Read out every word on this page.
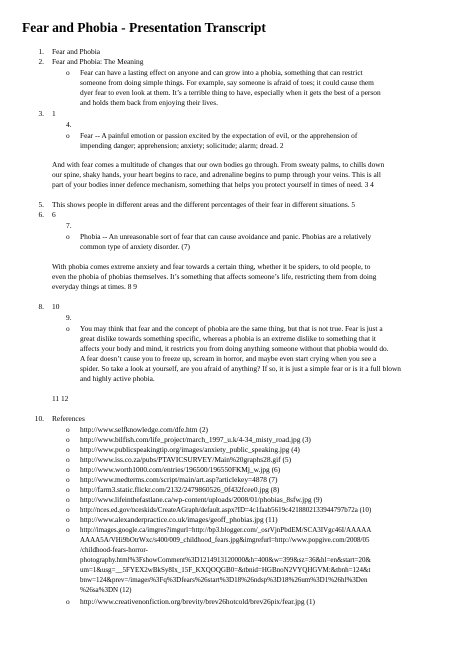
Fear and Phobia - Presentation Transcript
1. Fear and Phobia
2. Fear and Phobia: The Meaning
o Fear can have a lasting effect on anyone and can grow into a phobia, something that can restrict
someone from doing simple things. For example, say someone is afraid of toes; it could cause them
dyer fear to even look at them. It’s a terrible thing to have, especially when it gets the best of a person
and holds them back from enjoying their lives.
3. 1
4.
o Fear -- A painful emotion or passion excited by the expectation of evil, or the apprehension of
impending danger; apprehension; anxiety; solicitude; alarm; dread. 2
And with fear comes a multitude of changes that our own bodies go through. From sweaty palms, to chills down
our spine, shaky hands, your heart begins to race, and adrenaline begins to pump through your veins. This is all
part of your bodies inner defence mechanism, something that helps you protect yourself in times of need. 3 4
5. This shows people in different areas and the different percentages of their fear in different situations. 5
6. 6
7.
o Phobia -- An unreasonable sort of fear that can cause avoidance and panic. Phobias are a relatively
common type of anxiety disorder. (7)
With phobia comes extreme anxiety and fear towards a certain thing, whether it be spiders, to old people, to
even the phobia of phobias themselves. It’s something that affects someone’s life, restricting them from doing
everyday things at times. 8 9
8. 10
9.
o You may think that fear and the concept of phobia are the same thing, but that is not true. Fear is just a
great dislike towards something specific, whereas a phobia is an extreme dislike to something that it
affects your body and mind, it restricts you from doing anything someone without that phobia would do.
A fear doesn’t cause you to freeze up, scream in horror, and maybe even start crying when you see a
spider. So take a look at yourself, are you afraid of anything? If so, it is just a simple fear or is it a full blown
and highly active phobia.
11 12
10. References
o http://www.selfknowledge.com/dfe.htm (2)
o http://www.bilfish.com/life_project/march_1997_u.k/4-34_misty_road.jpg (3)
o http://www.publicspeakingtip.org/images/anxiety_public_speaking.jpg (4)
o http://www.iss.co.za/pubs/PTAVICSURVEY/Main%20graphs28.gif (5)
o http://www.worth1000.com/entries/196500/196550FKMj_w.jpg (6)
o http://www.medterms.com/script/main/art.asp?articlekey=4878 (7)
o http://farm3.static.flickr.com/2132/2479860526_0f432fcee0.jpg (8)
o http://www.lifeinthefastlane.ca/wp-content/uploads/2008/01/phobias_8sfw.jpg (9)
o http://nces.ed.gov/nceskids/CreateAGraph/default.aspx?ID=4c1faab5619c4218802133944797b72a (10)
o http://www.alexanderpractice.co.uk/images/geoff_phobias.jpg (11)
o http://images.google.ca/imgres?imgurl=http://bp3.blogger.com/_osrVjnPbdEM/SCA3IVgc46I/AAAAA
AAAA5A/VHi9bOtrWxc/s400/009_childhood_fears.jpg&imgrefurl=http://www.popgive.com/2008/05
/childhood-fears-horror-
photography.html%3FshowComment%3D1214913120000&h=400&w=399&sz=36&hl=en&start=20&
um=1&usg=__5FYEX2wBkSy8Ix_15F_KXQOQGB0=&tbnid=HGBnoN2VYQHGVM:&tbnh=124&t
bnw=124&prev=/images%3Fq%3Dfears%26start%3D18%26ndsp%3D18%26um%3D1%26hl%3Den
%26sa%3DN (12)
o http://www.creativenonfiction.org/brevity/brev26hotcold/brev26pix/fear.jpg (1)
